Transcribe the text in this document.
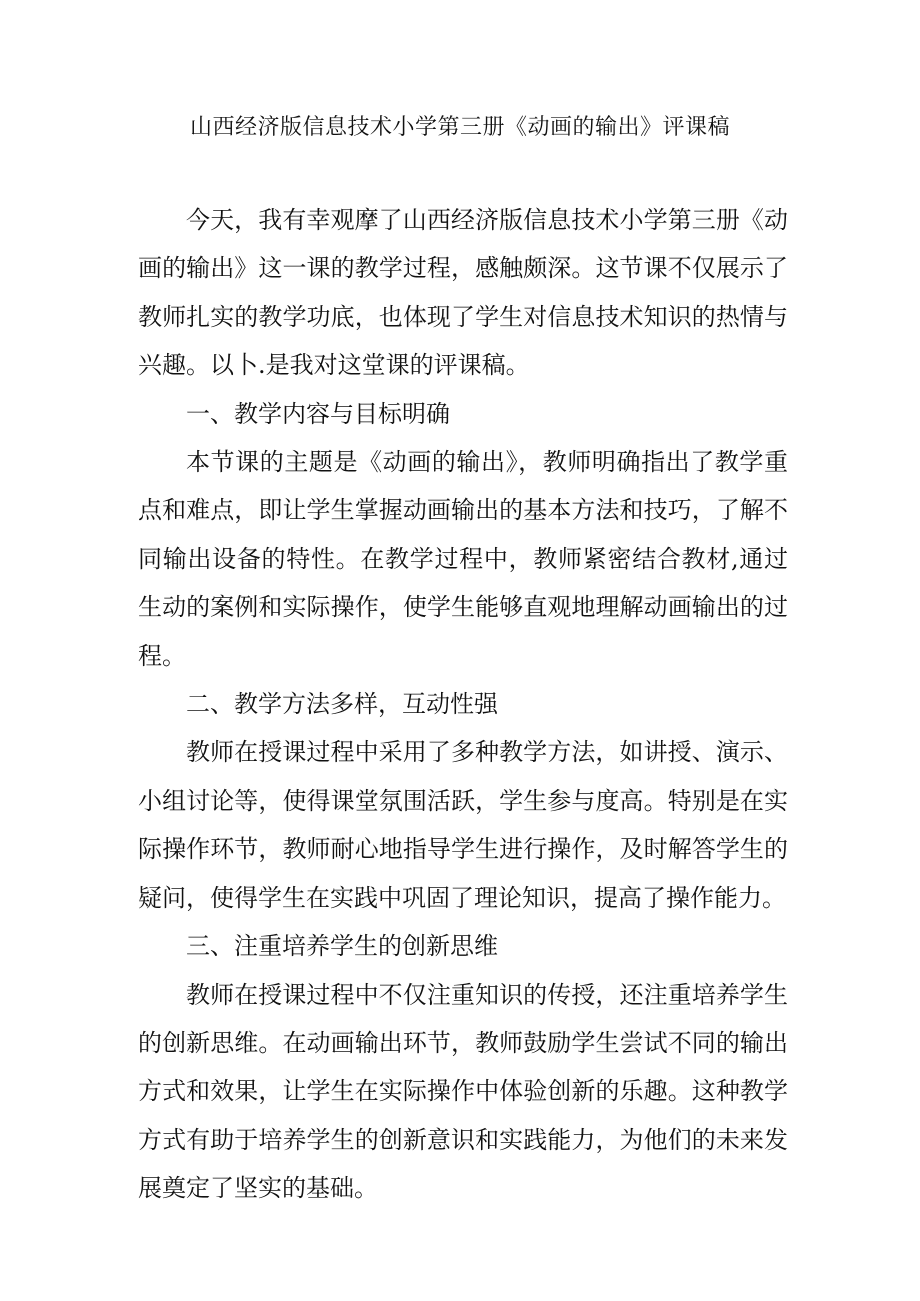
山西经济版信息技术小学第三册《动画的输出》评课稿

今天，我有幸观摩了山西经济版信息技术小学第三册《动画的输出》这一课的教学过程，感触颇深。这节课不仅展示了教师扎实的教学功底，也体现了学生对信息技术知识的热情与兴趣。以卜.是我对这堂课的评课稿。

一、教学内容与目标明确

本节课的主题是《动画的输出》，教师明确指出了教学重点和难点，即让学生掌握动画输出的基本方法和技巧，了解不同输出设备的特性。在教学过程中，教师紧密结合教材,通过生动的案例和实际操作，使学生能够直观地理解动画输出的过程。

二、教学方法多样，互动性强

教师在授课过程中采用了多种教学方法，如讲授、演示、小组讨论等，使得课堂氛围活跃，学生参与度高。特别是在实际操作环节，教师耐心地指导学生进行操作，及时解答学生的疑问，使得学生在实践中巩固了理论知识，提高了操作能力。

三、注重培养学生的创新思维

教师在授课过程中不仅注重知识的传授，还注重培养学生的创新思维。在动画输出环节，教师鼓励学生尝试不同的输出方式和效果，让学生在实际操作中体验创新的乐趣。这种教学方式有助于培养学生的创新意识和实践能力，为他们的未来发展奠定了坚实的基础。
